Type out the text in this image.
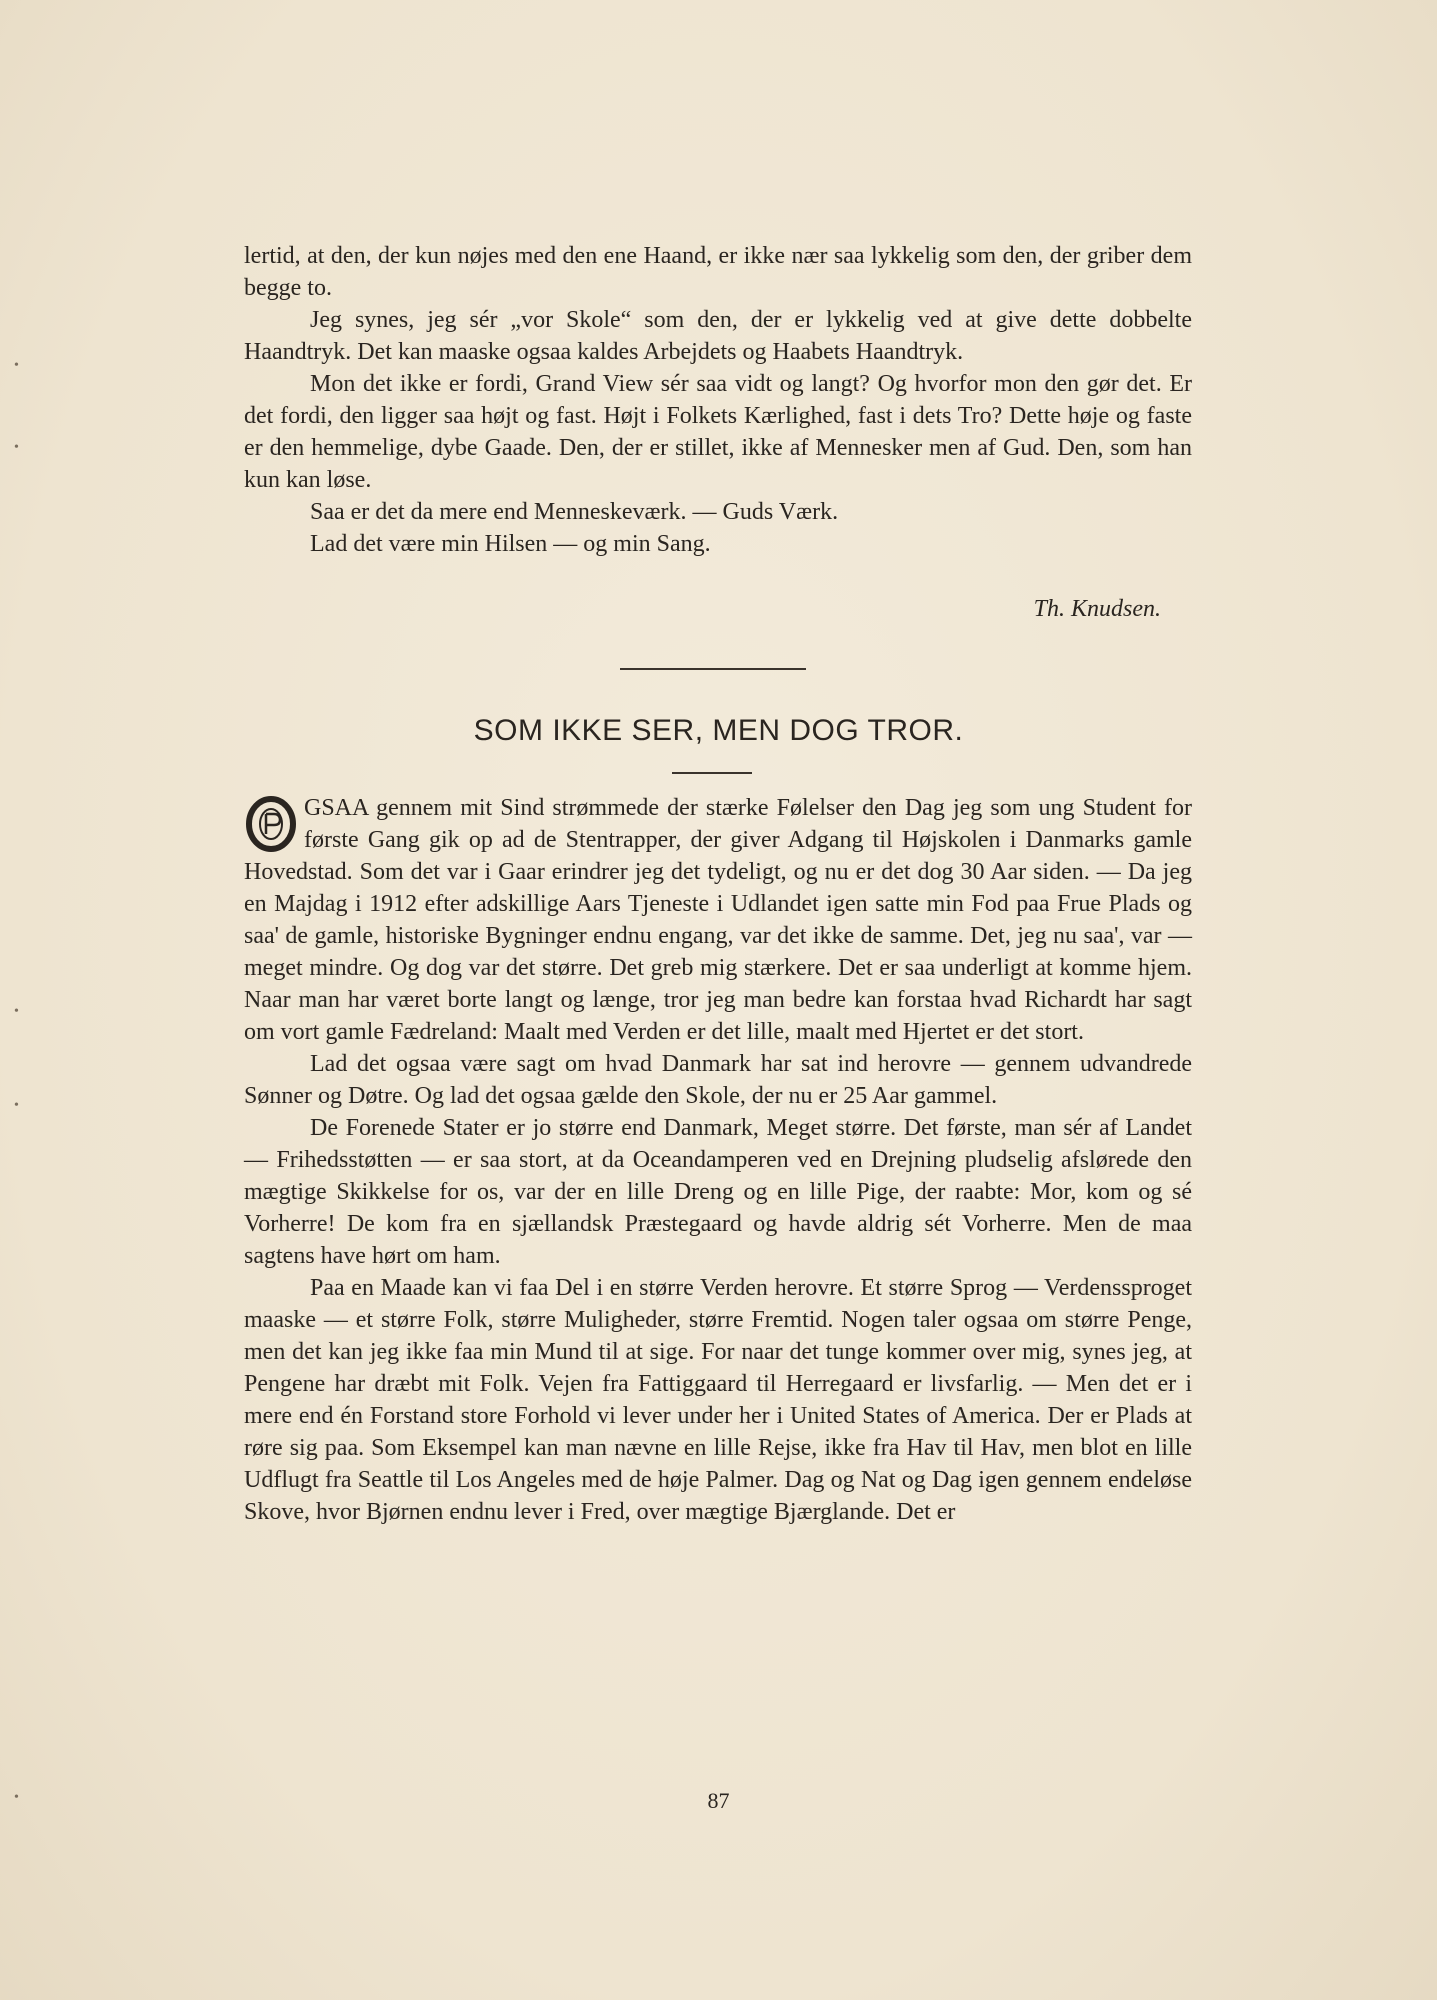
•
•
•
•
•

lertid, at den, der kun nøjes med den ene Haand, er ikke nær saa lykkelig som den, der griber dem begge to.

Jeg synes, jeg sér „vor Skole“ som den, der er lykkelig ved at give dette dobbelte Haandtryk. Det kan maaske ogsaa kaldes Arbejdets og Haabets Haandtryk.

Mon det ikke er fordi, Grand View sér saa vidt og langt? Og hvorfor mon den gør det. Er det fordi, den ligger saa højt og fast. Højt i Folkets Kærlighed, fast i dets Tro? Dette høje og faste er den hemmelige, dybe Gaade. Den, der er stillet, ikke af Mennesker men af Gud. Den, som han kun kan løse.

Saa er det da mere end Menneskeværk. — Guds Værk.

Lad det være min Hilsen — og min Sang.

Th. Knudsen.
SOM IKKE SER, MEN DOG TROR.
O

GSAA gennem mit Sind strømmede der stærke Følelser den Dag jeg som ung Student for første Gang gik op ad de Stentrapper, der giver Adgang til Højskolen i Danmarks gamle Hovedstad. Som det var i Gaar erindrer jeg det tydeligt, og nu er det dog 30 Aar siden. — Da jeg en Majdag i 1912 efter adskillige Aars Tjeneste i Udlandet igen satte min Fod paa Frue Plads og saa' de gamle, historiske Bygninger endnu engang, var det ikke de samme. Det, jeg nu saa', var — meget mindre. Og dog var det større. Det greb mig stærkere. Det er saa underligt at komme hjem. Naar man har været borte langt og længe, tror jeg man bedre kan forstaa hvad Richardt har sagt om vort gamle Fædreland: Maalt med Verden er det lille, maalt med Hjertet er det stort.

Lad det ogsaa være sagt om hvad Danmark har sat ind herovre — gennem udvandrede Sønner og Døtre. Og lad det ogsaa gælde den Skole, der nu er 25 Aar gammel.

De Forenede Stater er jo større end Danmark, Meget større. Det første, man sér af Landet — Frihedsstøtten — er saa stort, at da Oceandamperen ved en Drejning pludselig afslørede den mægtige Skikkelse for os, var der en lille Dreng og en lille Pige, der raabte: Mor, kom og sé Vorherre! De kom fra en sjællandsk Præstegaard og havde aldrig sét Vorherre. Men de maa sagtens have hørt om ham.

Paa en Maade kan vi faa Del i en større Verden herovre. Et større Sprog — Verdenssproget maaske — et større Folk, større Muligheder, større Fremtid. Nogen taler ogsaa om større Penge, men det kan jeg ikke faa min Mund til at sige. For naar det tunge kommer over mig, synes jeg, at Pengene har dræbt mit Folk. Vejen fra Fattiggaard til Herregaard er livsfarlig. — Men det er i mere end én Forstand store Forhold vi lever under her i United States of America. Der er Plads at røre sig paa. Som Eksempel kan man nævne en lille Rejse, ikke fra Hav til Hav, men blot en lille Udflugt fra Seattle til Los Angeles med de høje Palmer. Dag og Nat og Dag igen gennem endeløse Skove, hvor Bjørnen endnu lever i Fred, over mægtige Bjærglande. Det er

87
